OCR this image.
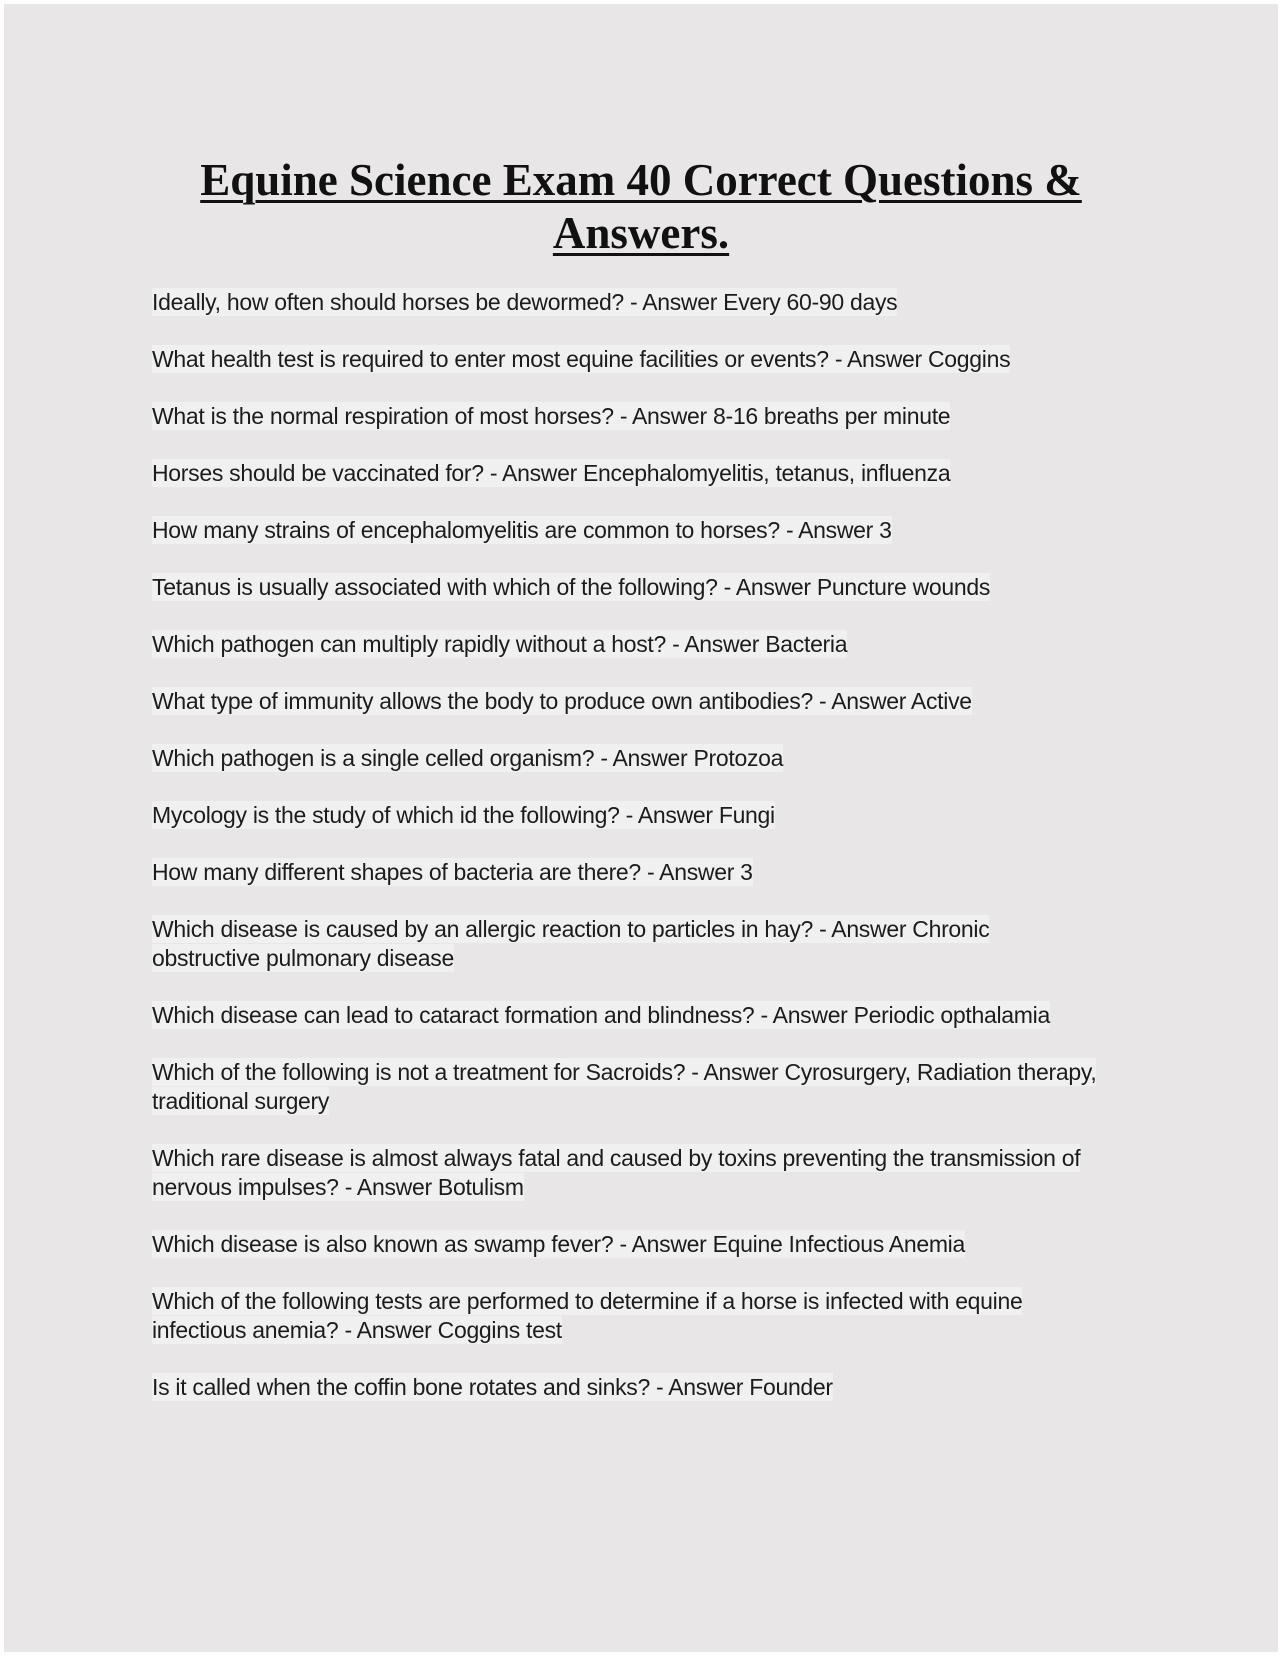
Equine Science Exam 40 Correct Questions &
Answers.
Ideally, how often should horses be dewormed? - Answer Every 60-90 days
What health test is required to enter most equine facilities or events? - Answer Coggins
What is the normal respiration of most horses? - Answer 8-16 breaths per minute
Horses should be vaccinated for? - Answer Encephalomyelitis, tetanus, influenza
How many strains of encephalomyelitis are common to horses? - Answer 3
Tetanus is usually associated with which of the following? - Answer Puncture wounds
Which pathogen can multiply rapidly without a host? - Answer Bacteria
What type of immunity allows the body to produce own antibodies? - Answer Active
Which pathogen is a single celled organism? - Answer Protozoa
Mycology is the study of which id the following? - Answer Fungi
How many different shapes of bacteria are there? - Answer 3
Which disease is caused by an allergic reaction to particles in hay? - Answer Chronic obstructive pulmonary disease
Which disease can lead to cataract formation and blindness? - Answer Periodic opthalamia
Which of the following is not a treatment for Sacroids? - Answer Cyrosurgery, Radiation therapy, traditional surgery
Which rare disease is almost always fatal and caused by toxins preventing the transmission of nervous impulses? - Answer Botulism
Which disease is also known as swamp fever? - Answer Equine Infectious Anemia
Which of the following tests are performed to determine if a horse is infected with equine infectious anemia? - Answer Coggins test
Is it called when the coffin bone rotates and sinks? - Answer Founder
